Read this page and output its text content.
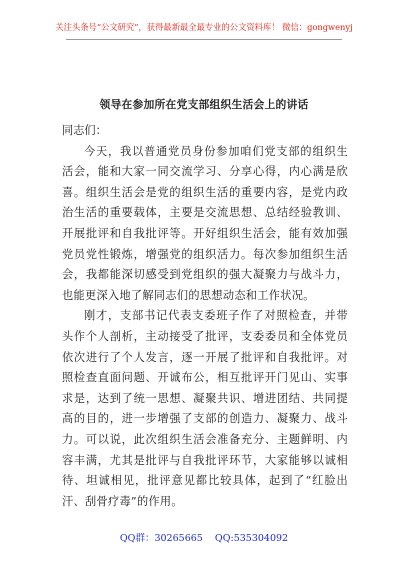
关注头条号“公文研究”，获得最新最全最专业的公文资料库！ 微信：gongwenyj
领导在参加所在党支部组织生活会上的讲话

同志们：

今天，我以普通党员身份参加咱们党支部的组织生活会，能和大家一同交流学习、分享心得，内心满是欣喜。组织生活会是党的组织生活的重要内容，是党内政治生活的重要载体，主要是交流思想、总结经验教训、开展批评和自我批评等。开好组织生活会，能有效加强党员党性锻炼，增强党的组织活力。每次参加组织生活会，我都能深切感受到党组织的强大凝聚力与战斗力，也能更深入地了解同志们的思想动态和工作状况。

刚才，支部书记代表支委班子作了对照检查，并带头作个人剖析，主动接受了批评，支委委员和全体党员依次进行了个人发言，逐一开展了批评和自我批评。对照检查直面问题、开诚布公，相互批评开门见山、实事求是，达到了统一思想、凝聚共识、增进团结、共同提高的目的，进一步增强了支部的创造力、凝聚力、战斗力。可以说，此次组织生活会准备充分、主题鲜明、内容丰满，尤其是批评与自我批评环节，大家能够以诚相待、坦诚相见，批评意见都比较具体，起到了“红脸出汗、刮骨疗毒”的作用。

QQ群：30265665 QQ:535304092
